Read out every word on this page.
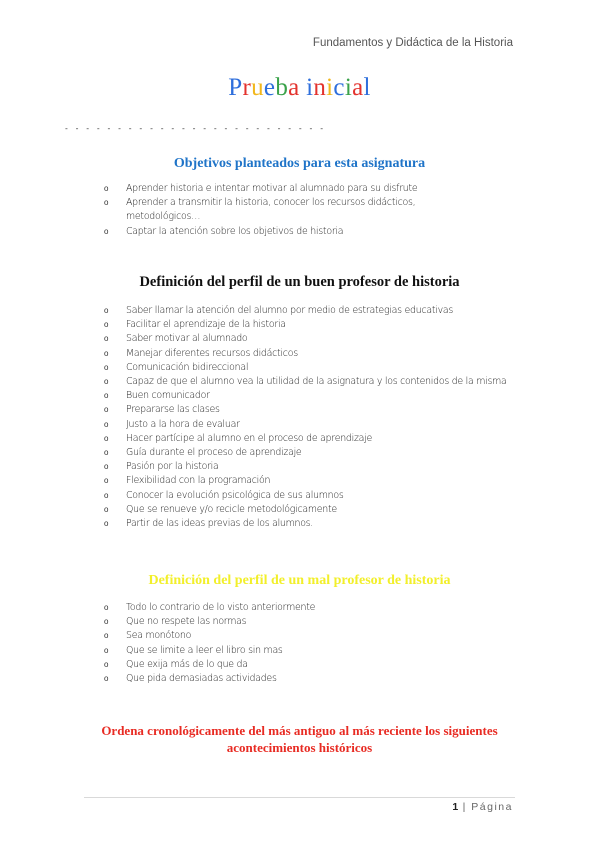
Fundamentos y Didáctica de la Historia
Prueba inicial
- - - - - - - - - - - - - - - - - - - - - - - - -
Objetivos planteados para esta asignatura
o Aprender historia e intentar motivar al alumnado para su disfrute
o Aprender a transmitir la historia, conocer los recursos didácticos, metodológicos…
o Captar la atención sobre los objetivos de historia
Definición del perfil de un buen profesor de historia
o Saber llamar la atención del alumno por medio de estrategias educativas
o Facilitar el aprendizaje de la historia
o Saber motivar al alumnado
o Manejar diferentes recursos didácticos
o Comunicación bidireccional
o Capaz de que el alumno vea la utilidad de la asignatura y los contenidos de la misma
o Buen comunicador
o Prepararse las clases
o Justo a la hora de evaluar
o Hacer partícipe al alumno en el proceso de aprendizaje
o Guía durante el proceso de aprendizaje
o Pasión por la historia
o Flexibilidad con la programación
o Conocer la evolución psicológica de sus alumnos
o Que se renueve y/o recicle metodológicamente
o Partir de las ideas previas de los alumnos.
Definición del perfil de un mal profesor de historia
o Todo lo contrario de lo visto anteriormente
o Que no respete las normas
o Sea monótono
o Que se limite a leer el libro sin mas
o Que exija más de lo que da
o Que pida demasiadas actividades
Ordena cronológicamente del más antiguo al más reciente los siguientes
acontecimientos históricos
1 | Página
